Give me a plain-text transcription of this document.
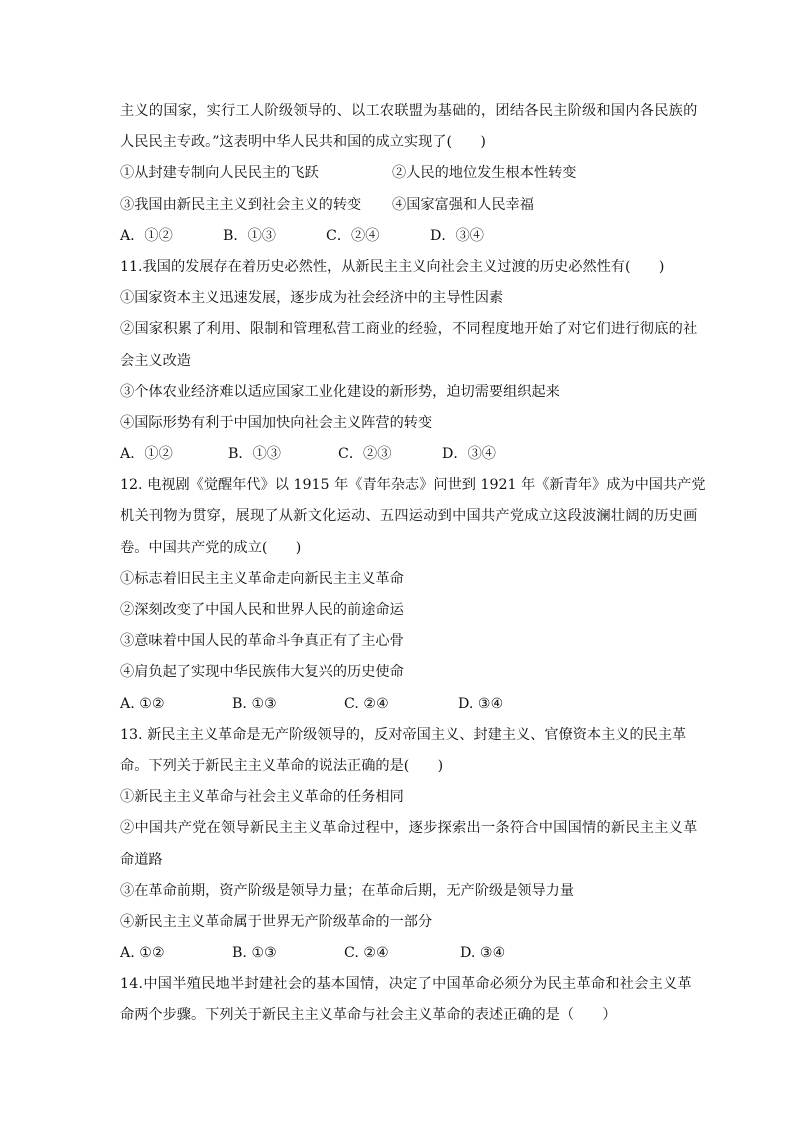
主义的国家，实行工人阶级领导的、以工农联盟为基础的，团结各民主阶级和国内各民族的
人民民主专政。”这表明中华人民共和国的成立实现了(　　)
①从封建专制向人民民主的飞跃	②人民的地位发生根本性转变
③我国由新民主主义到社会主义的转变 ④国家富强和人民幸福
A．①②	B．①③	C．②④	D．③④
11.我国的发展存在着历史必然性，从新民主主义向社会主义过渡的历史必然性有(　　)
①国家资本主义迅速发展，逐步成为社会经济中的主导性因素
②国家积累了利用、限制和管理私营工商业的经验，不同程度地开始了对它们进行彻底的社
会主义改造
③个体农业经济难以适应国家工业化建设的新形势，迫切需要组织起来
④国际形势有利于中国加快向社会主义阵营的转变
A．①②	B．①③	C．②③	D．③④
12. 电视剧《觉醒年代》以 1915 年《青年杂志》问世到 1921 年《新青年》成为中国共产党
机关刊物为贯穿，展现了从新文化运动、五四运动到中国共产党成立这段波澜壮阔的历史画
卷。中国共产党的成立(　　)
①标志着旧民主主义革命走向新民主主义革命
②深刻改变了中国人民和世界人民的前途命运
③意味着中国人民的革命斗争真正有了主心骨
④肩负起了实现中华民族伟大复兴的历史使命
A. ①②	B. ①③	C. ②④	D. ③④
13. 新民主主义革命是无产阶级领导的，反对帝国主义、封建主义、官僚资本主义的民主革
命。下列关于新民主主义革命的说法正确的是(　　)
①新民主主义革命与社会主义革命的任务相同
②中国共产党在领导新民主主义革命过程中，逐步探索出一条符合中国国情的新民主主义革
命道路
③在革命前期，资产阶级是领导力量；在革命后期，无产阶级是领导力量
④新民主主义革命属于世界无产阶级革命的一部分
A. ①②	B. ①③	C. ②④	D. ③④
14.中国半殖民地半封建社会的基本国情，决定了中国革命必须分为民主革命和社会主义革
命两个步骤。下列关于新民主主义革命与社会主义革命的表述正确的是（　　）
